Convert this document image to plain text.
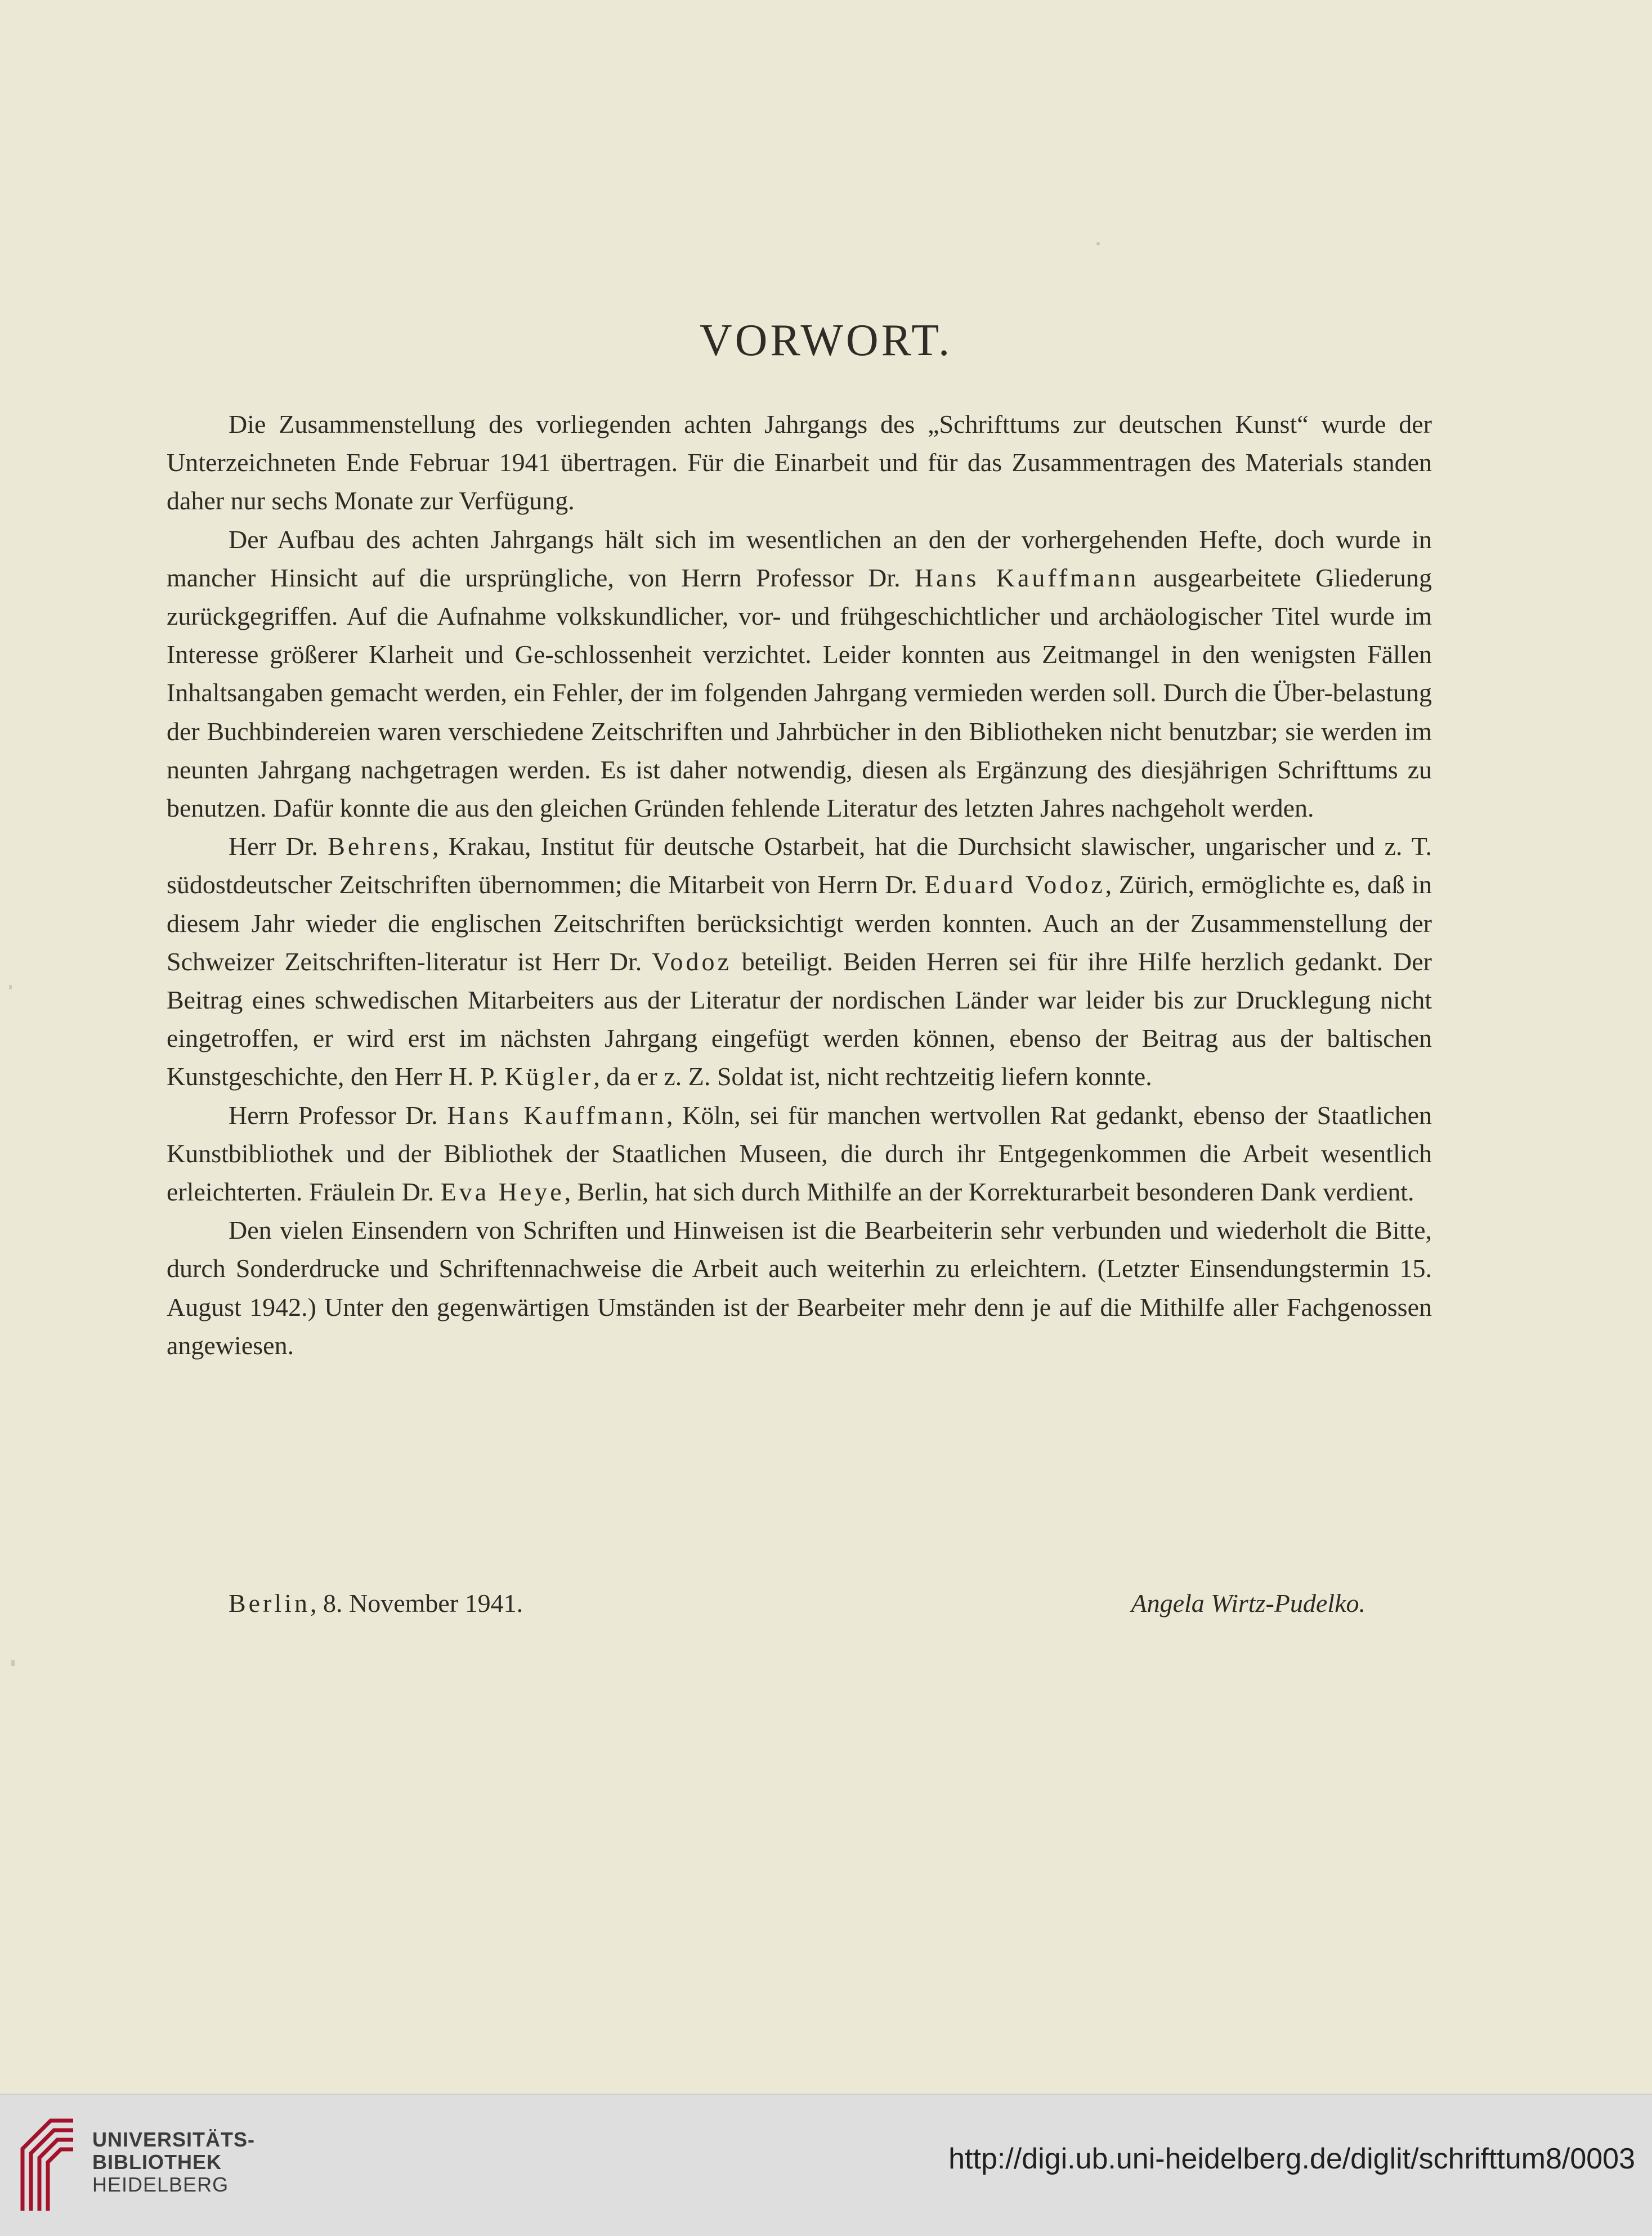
VORWORT.

Die Zusammenstellung des vorliegenden achten Jahrgangs des „Schrifttums zur deutschen Kunst“ wurde der Unterzeichneten Ende Februar 1941 übertragen. Für die Einarbeit und für das Zusammentragen des Materials standen daher nur sechs Monate zur Verfügung.

Der Aufbau des achten Jahrgangs hält sich im wesentlichen an den der vorhergehenden Hefte, doch wurde in mancher Hinsicht auf die ursprüngliche, von Herrn Professor Dr. Hans Kauffmann ausgearbeitete Gliederung zurückgegriffen. Auf die Aufnahme volkskundlicher, vor- und frühgeschichtlicher und archäologischer Titel wurde im Interesse größerer Klarheit und Ge-schlossenheit verzichtet. Leider konnten aus Zeitmangel in den wenigsten Fällen Inhaltsangaben gemacht werden, ein Fehler, der im folgenden Jahrgang vermieden werden soll. Durch die Über-belastung der Buchbindereien waren verschiedene Zeitschriften und Jahrbücher in den Bibliotheken nicht benutzbar; sie werden im neunten Jahrgang nachgetragen werden. Es ist daher notwendig, diesen als Ergänzung des diesjährigen Schrifttums zu benutzen. Dafür konnte die aus den gleichen Gründen fehlende Literatur des letzten Jahres nachgeholt werden.

Herr Dr. Behrens, Krakau, Institut für deutsche Ostarbeit, hat die Durchsicht slawischer, ungarischer und z. T. südostdeutscher Zeitschriften übernommen; die Mitarbeit von Herrn Dr. Eduard Vodoz, Zürich, ermöglichte es, daß in diesem Jahr wieder die englischen Zeitschriften berücksichtigt werden konnten. Auch an der Zusammenstellung der Schweizer Zeitschriften-literatur ist Herr Dr. Vodoz beteiligt. Beiden Herren sei für ihre Hilfe herzlich gedankt. Der Beitrag eines schwedischen Mitarbeiters aus der Literatur der nordischen Länder war leider bis zur Drucklegung nicht eingetroffen, er wird erst im nächsten Jahrgang eingefügt werden können, ebenso der Beitrag aus der baltischen Kunstgeschichte, den Herr H. P. Kügler, da er z. Z. Soldat ist, nicht rechtzeitig liefern konnte.

Herrn Professor Dr. Hans Kauffmann, Köln, sei für manchen wertvollen Rat gedankt, ebenso der Staatlichen Kunstbibliothek und der Bibliothek der Staatlichen Museen, die durch ihr Entgegenkommen die Arbeit wesentlich erleichterten. Fräulein Dr. Eva Heye, Berlin, hat sich durch Mithilfe an der Korrekturarbeit besonderen Dank verdient.

Den vielen Einsendern von Schriften und Hinweisen ist die Bearbeiterin sehr verbunden und wiederholt die Bitte, durch Sonderdrucke und Schriftennachweise die Arbeit auch weiterhin zu erleichtern. (Letzter Einsendungstermin 15. August 1942.) Unter den gegenwärtigen Umständen ist der Bearbeiter mehr denn je auf die Mithilfe aller Fachgenossen angewiesen.

Berlin, 8. November 1941.	Angela Wirtz-Pudelko.
UNIVERSITÄTS-
BIBLIOTHEK
HEIDELBERG
http://digi.ub.uni-heidelberg.de/diglit/schrifttum8/0003
